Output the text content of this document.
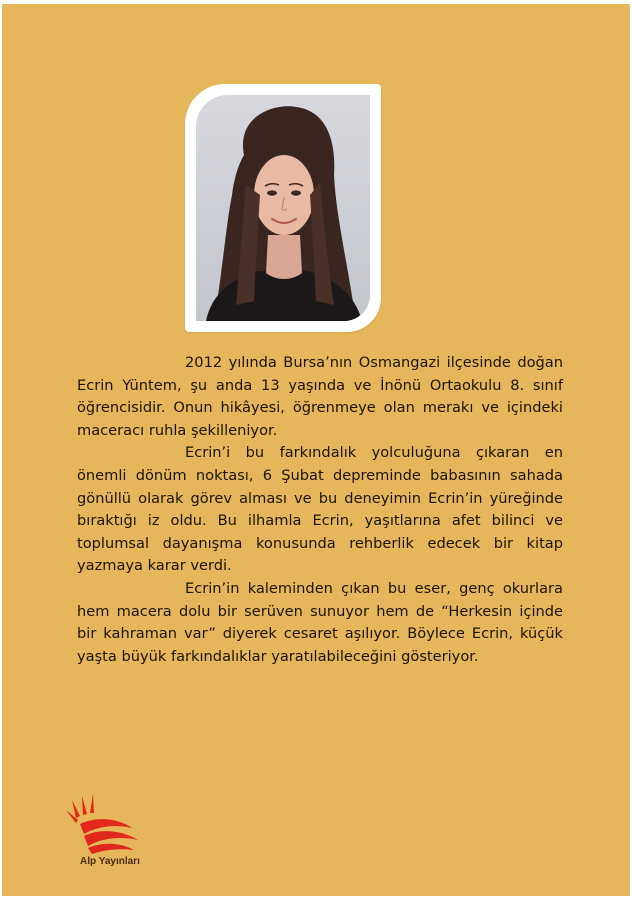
2012 yılında Bursa’nın Osmangazi ilçesinde doğan Ecrin Yüntem, şu anda 13 yaşında ve İnönü Ortaokulu 8. sınıf öğrencisidir. Onun hikâyesi, öğrenmeye olan merakı ve içindeki maceracı ruhla şekilleniyor.

Ecrin’i bu farkındalık yolculuğuna çıkaran en önemli dönüm noktası, 6 Şubat depreminde babasının sahada gönüllü olarak görev alması ve bu deneyimin Ecrin’in yüreğinde bıraktığı iz oldu. Bu ilhamla Ecrin, yaşıtlarına afet bilinci ve toplumsal dayanışma konusunda rehberlik edecek bir kitap yazmaya karar verdi.

Ecrin’in kaleminden çıkan bu eser, genç okurlara hem macera dolu bir serüven sunuyor hem de “Herkesin içinde bir kahraman var” diyerek cesaret aşılıyor. Böylece Ecrin, küçük yaşta büyük farkındalıklar yaratılabileceğini gösteriyor.

Alp Yayınları
